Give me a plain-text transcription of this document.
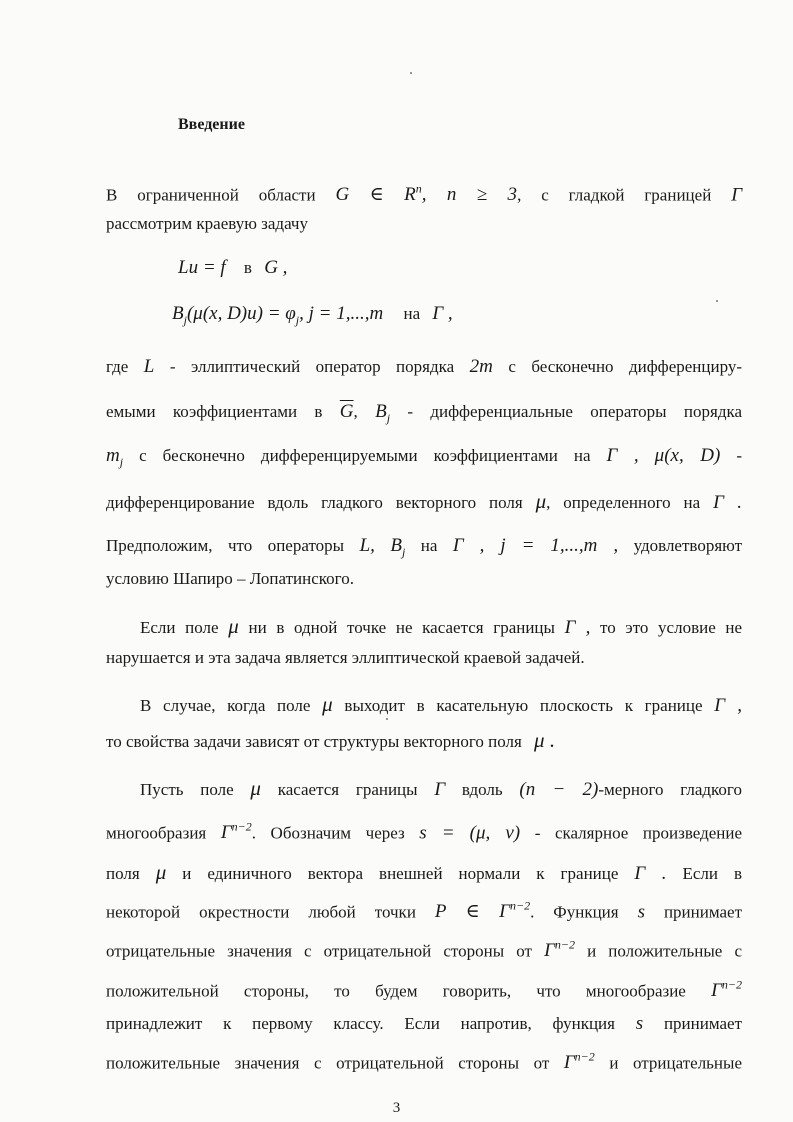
Введение
В ограниченной области G ∈ $R^n$, n ≥ 3, с гладкой границей Γ
рассмотрим краевую задачу
Lu = f в G ,
$B_j(\mu(x$, $D)u) = \varphi_j$, j = 1,...,m на Γ ,
где L - эллиптический оператор порядка 2m с бесконечно дифференциру-
емыми коэффициентами в $\overline{G}$, $B_j$ - дифференциальные операторы порядка
$m_j$ с бесконечно дифференцируемыми коэффициентами на Γ , μ(x, D) -
дифференцирование вдоль гладкого векторного поля μ, определенного на Γ .
Предположим, что операторы L, $B_j$ на Γ , j = 1,...,m , удовлетворяют
условию Шапиро – Лопатинского.
Если поле μ ни в одной точке не касается границы Γ , то это условие не
нарушается и эта задача является эллиптической краевой задачей.
В случае, когда поле μ выходит в касательную плоскость к границе Γ ,
то свойства задачи зависят от структуры векторного поля μ .
Пусть поле μ касается границы Γ вдоль (n − 2)-мерного гладкого
многообразия $\Gamma^{n-2}$. Обозначим через s = (μ, ν) - скалярное произведение
поля μ и единичного вектора внешней нормали к границе Γ . Если в
некоторой окрестности любой точки P ∈ $\Gamma^{n-2}$. Функция s принимает
отрицательные значения с отрицательной стороны от $\Gamma^{n-2}$ и положительные с
положительной стороны, то будем говорить, что многообразие $\Gamma^{n-2}$
принадлежит к первому классу. Если напротив, функция s принимает
положительные значения с отрицательной стороны от $\Gamma^{n-2}$ и отрицательные
3
